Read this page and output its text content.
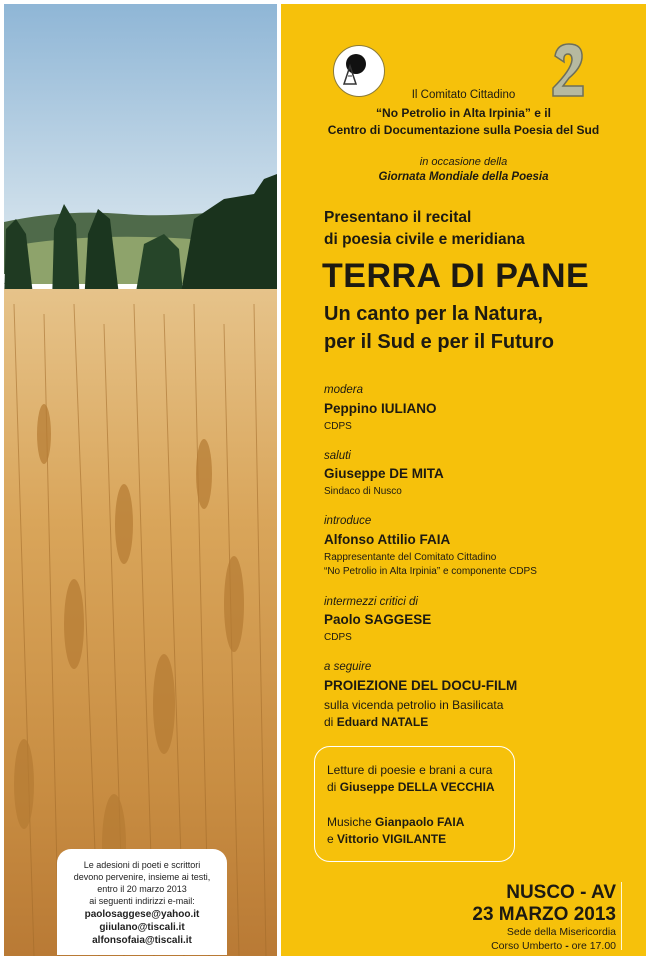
Il Comitato Cittadino
“No Petrolio in Alta Irpinia” e il
Centro di Documentazione sulla Poesia del Sud
in occasione della
Giornata Mondiale della Poesia
Presentano il recital
di poesia civile e meridiana
TERRA DI PANE
Un canto per la Natura,
per il Sud e per il Futuro
modera
Peppino IULIANO
CDPS
saluti
Giuseppe DE MITA
Sindaco di Nusco
introduce
Alfonso Attilio FAIA
Rappresentante del Comitato Cittadino
“No Petrolio in Alta Irpinia” e componente CDPS
intermezzi critici di
Paolo SAGGESE
CDPS
a seguire
PROIEZIONE DEL DOCU-FILM
sulla vicenda petrolio in Basilicata
di Eduard NATALE
Letture di poesie e brani a cura
di Giuseppe DELLA VECCHIA
Musiche Gianpaolo FAIA
e Vittorio VIGILANTE
NUSCO - AV
23 MARZO 2013
Sede della Misericordia
Corso Umberto - ore 17.00
Le adesioni di poeti e scrittori
devono pervenire, insieme ai testi,
entro il 20 marzo 2013
ai seguenti indirizzi e-mail:
paolosaggese@yahoo.it
giiulano@tiscali.it
alfonsofaia@tiscali.it
